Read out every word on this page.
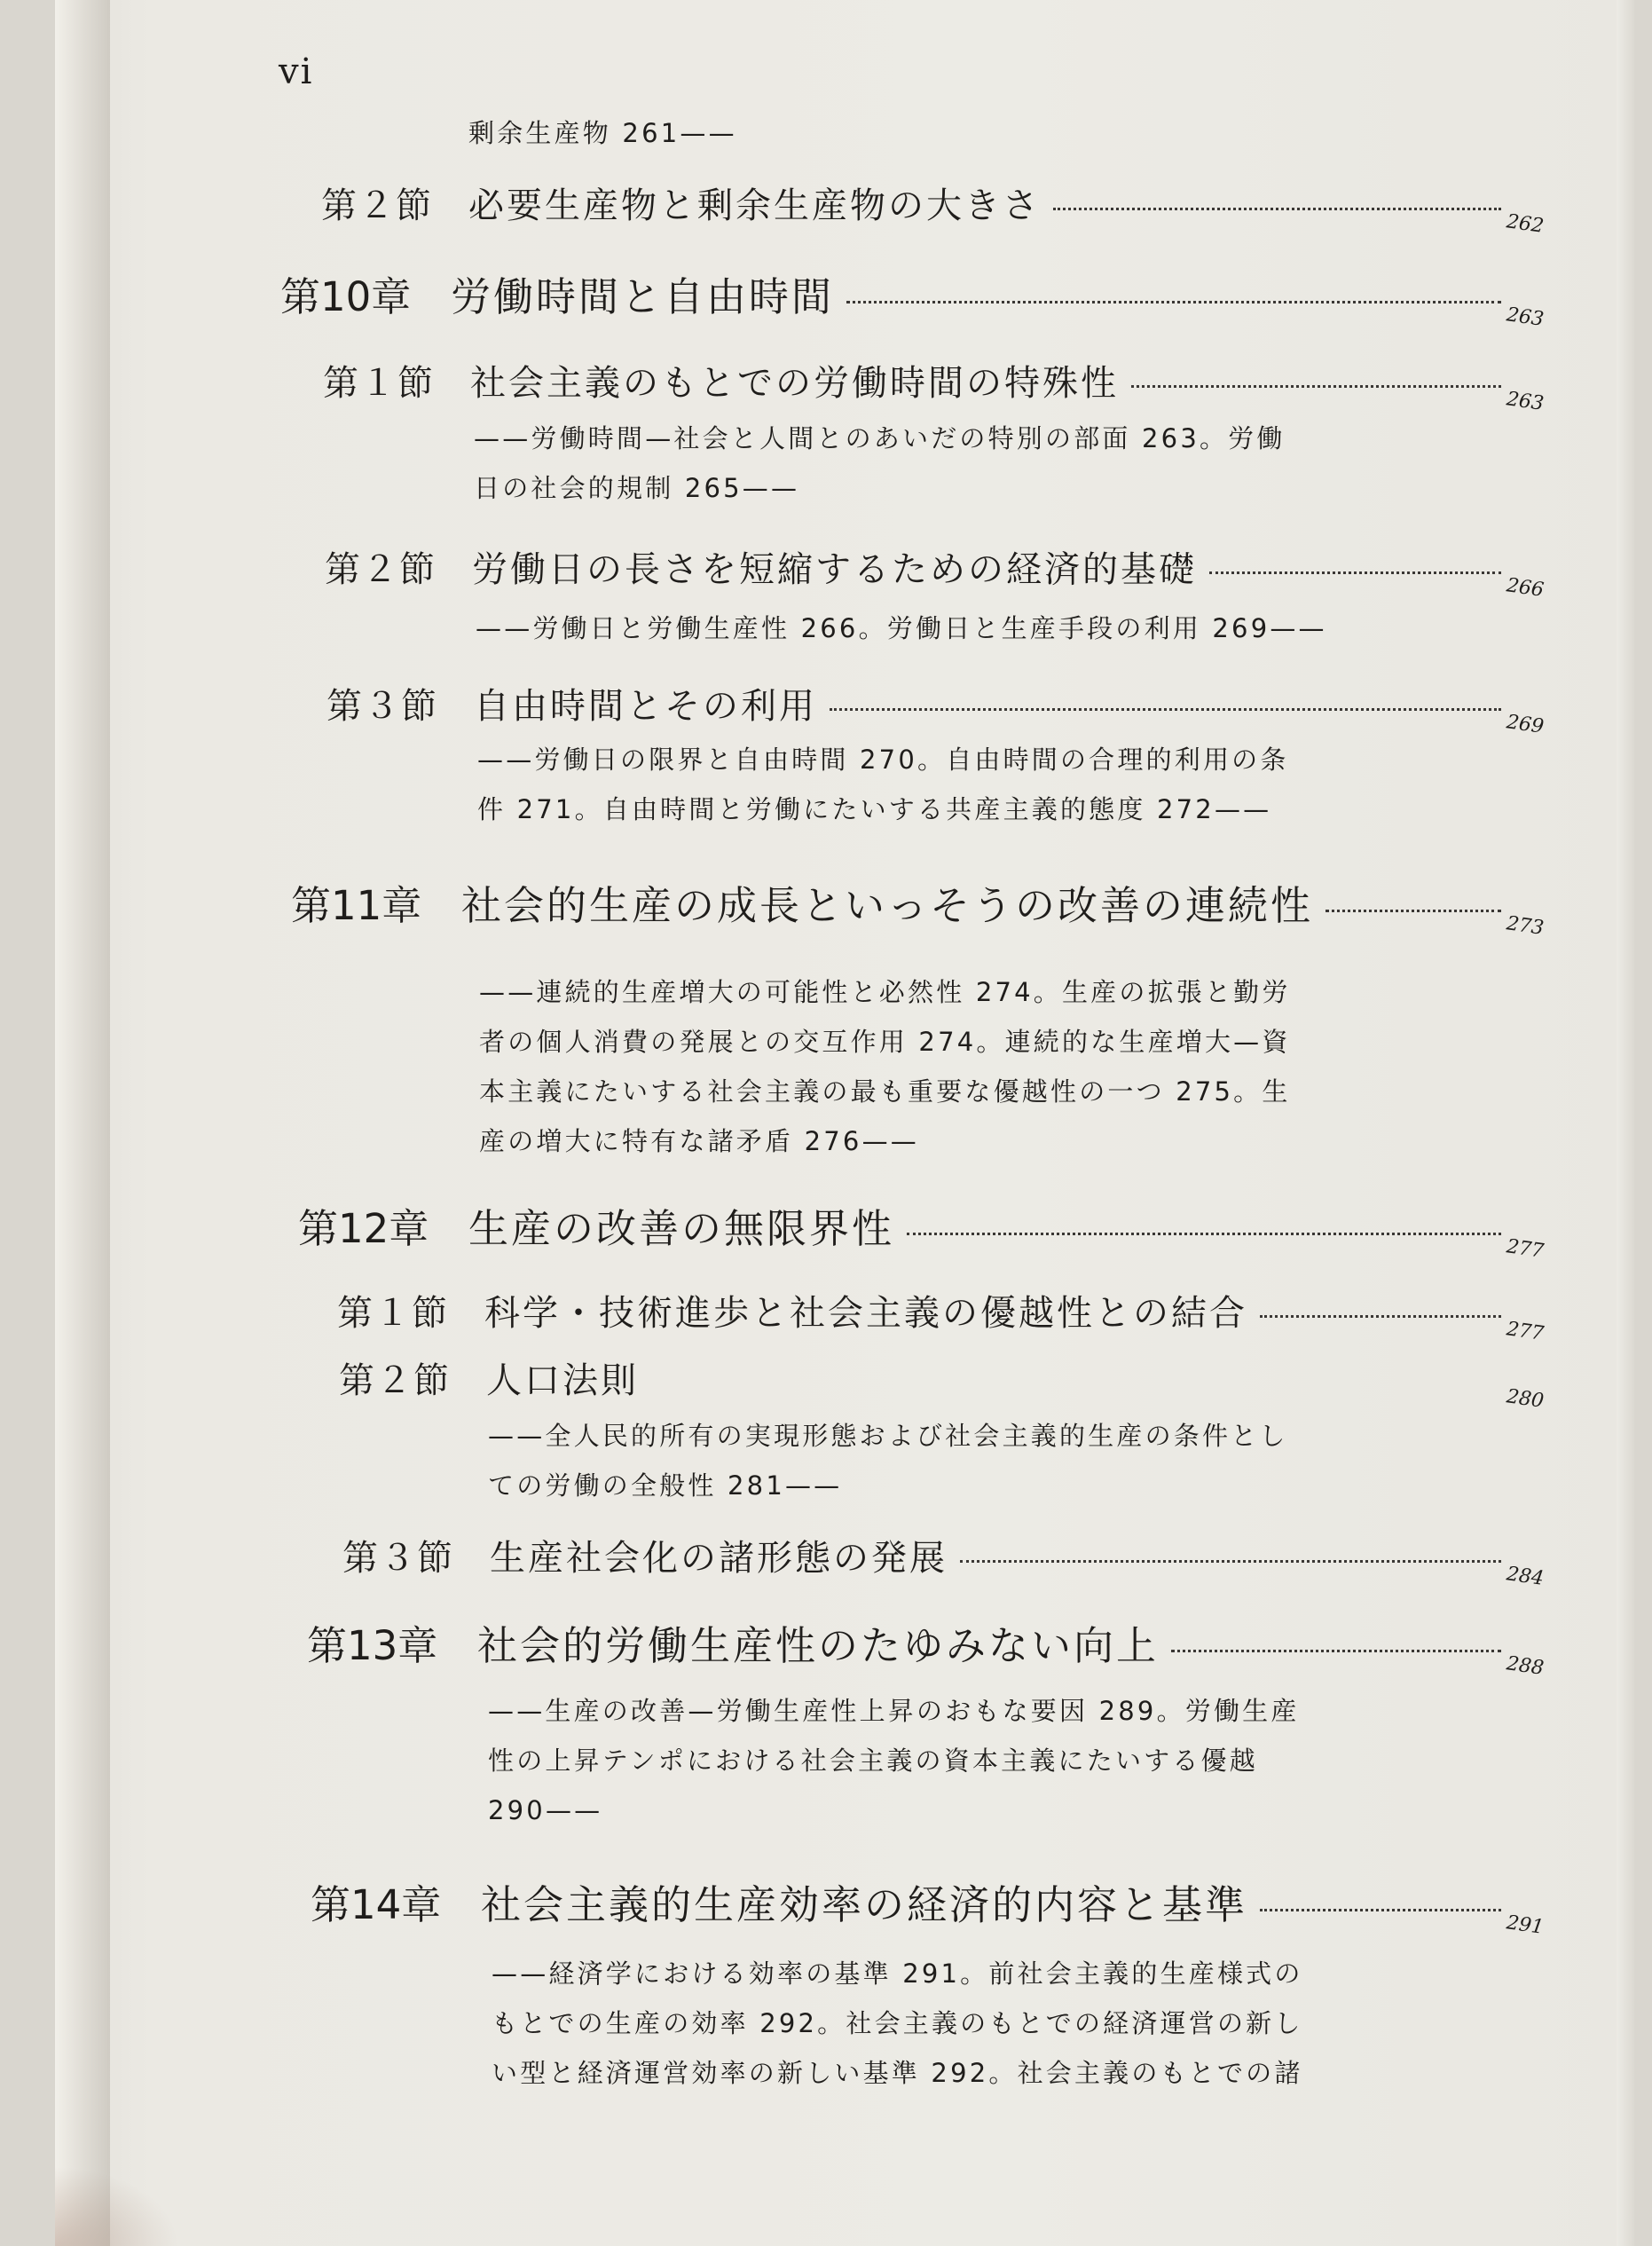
vi
剰余生産物 261——
第２節	必要生産物と剰余生産物の大きさ	262
第10章 労働時間と自由時間	263
第１節	社会主義のもとでの労働時間の特殊性	263
——労働時間—社会と人間とのあいだの特別の部面 263。労働
日の社会的規制 265——
第２節	労働日の長さを短縮するための経済的基礎	266
——労働日と労働生産性 266。労働日と生産手段の利用 269——
第３節	自由時間とその利用	269
——労働日の限界と自由時間 270。自由時間の合理的利用の条
件 271。自由時間と労働にたいする共産主義的態度 272——
第11章 社会的生産の成長といっそうの改善の連続性	273
——連続的生産増大の可能性と必然性 274。生産の拡張と勤労
者の個人消費の発展との交互作用 274。連続的な生産増大—資
本主義にたいする社会主義の最も重要な優越性の一つ 275。生
産の増大に特有な諸矛盾 276——
第12章 生産の改善の無限界性	277
第１節	科学・技術進歩と社会主義の優越性との結合	277
第２節	人口法則	280
——全人民的所有の実現形態および社会主義的生産の条件とし
ての労働の全般性 281——
第３節	生産社会化の諸形態の発展	284
第13章 社会的労働生産性のたゆみない向上	288
——生産の改善—労働生産性上昇のおもな要因 289。労働生産
性の上昇テンポにおける社会主義の資本主義にたいする優越
290——
第14章 社会主義的生産効率の経済的内容と基準	291
——経済学における効率の基準 291。前社会主義的生産様式の
もとでの生産の効率 292。社会主義のもとでの経済運営の新し
い型と経済運営効率の新しい基準 292。社会主義のもとでの諸
